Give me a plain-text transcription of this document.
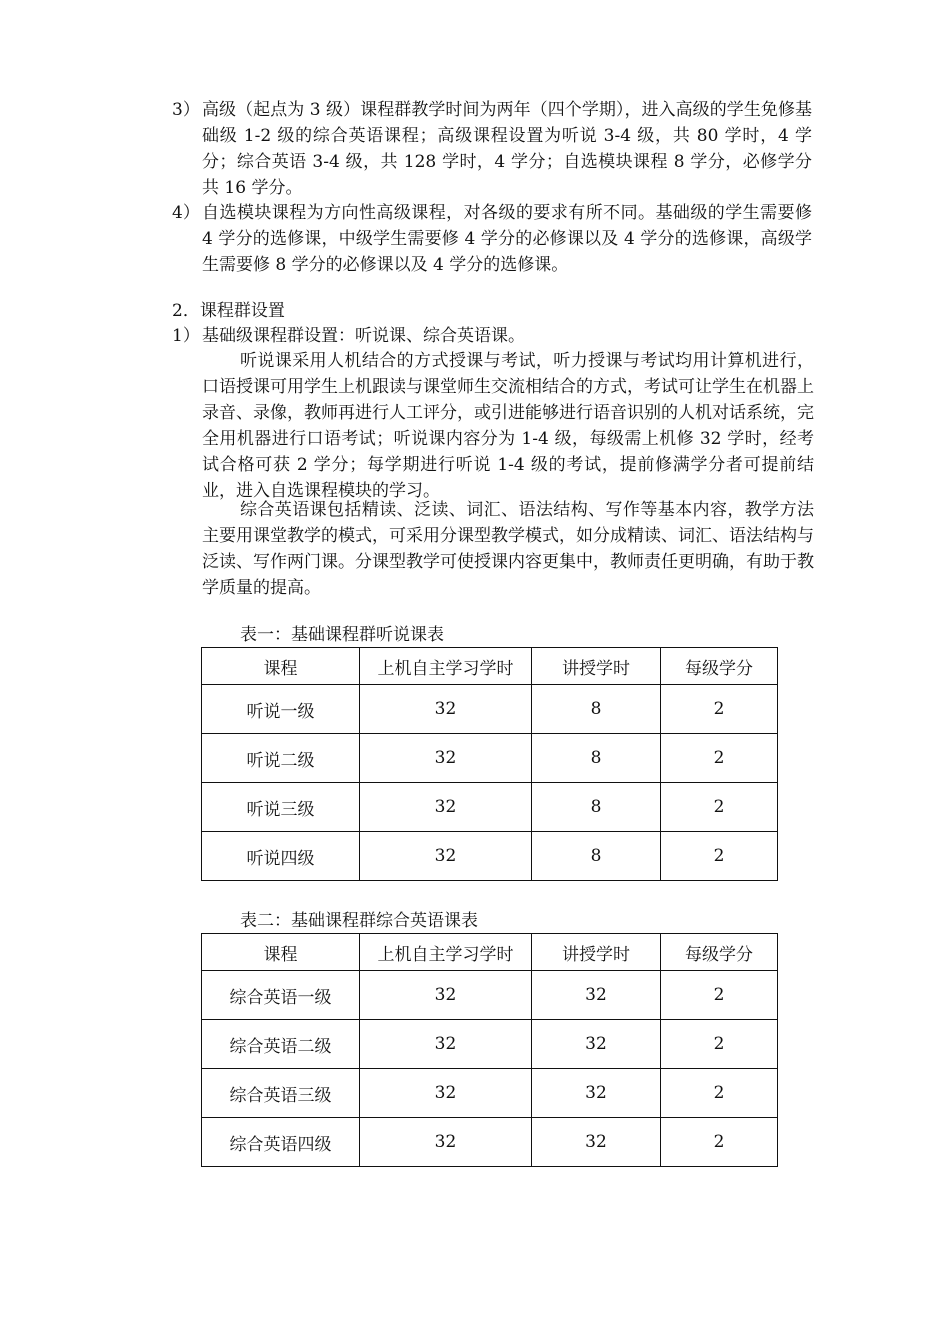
3） 高级（起点为 3 级）课程群教学时间为两年（四个学期），进入高级的学生免修基础级 1-2 级的综合英语课程；高级课程设置为听说 3-4 级，共 80 学时，4 学分；综合英语 3-4 级，共 128 学时，4 学分；自选模块课程 8 学分，必修学分共 16 学分。
4） 自选模块课程为方向性高级课程，对各级的要求有所不同。基础级的学生需要修 4 学分的选修课，中级学生需要修 4 学分的必修课以及 4 学分的选修课，高级学生需要修 8 学分的必修课以及 4 学分的选修课。
2．课程群设置
1） 基础级课程群设置：听说课、综合英语课。
听说课采用人机结合的方式授课与考试，听力授课与考试均用计算机进行，口语授课可用学生上机跟读与课堂师生交流相结合的方式，考试可让学生在机器上录音、录像，教师再进行人工评分，或引进能够进行语音识别的人机对话系统，完全用机器进行口语考试；听说课内容分为 1-4 级，每级需上机修 32 学时，经考试合格可获 2 学分；每学期进行听说 1-4 级的考试，提前修满学分者可提前结业，进入自选课程模块的学习。
综合英语课包括精读、泛读、词汇、语法结构、写作等基本内容，教学方法主要用课堂教学的模式，可采用分课型教学模式，如分成精读、词汇、语法结构与泛读、写作两门课。分课型教学可使授课内容更集中，教师责任更明确，有助于教学质量的提高。
表一：基础课程群听说课表
课程	上机自主学习学时	讲授学时	每级学分
听说一级	32	8	2
听说二级	32	8	2
听说三级	32	8	2
听说四级	32	8	2
表二：基础课程群综合英语课表
课程	上机自主学习学时	讲授学时	每级学分
综合英语一级	32	32	2
综合英语二级	32	32	2
综合英语三级	32	32	2
综合英语四级	32	32	2
